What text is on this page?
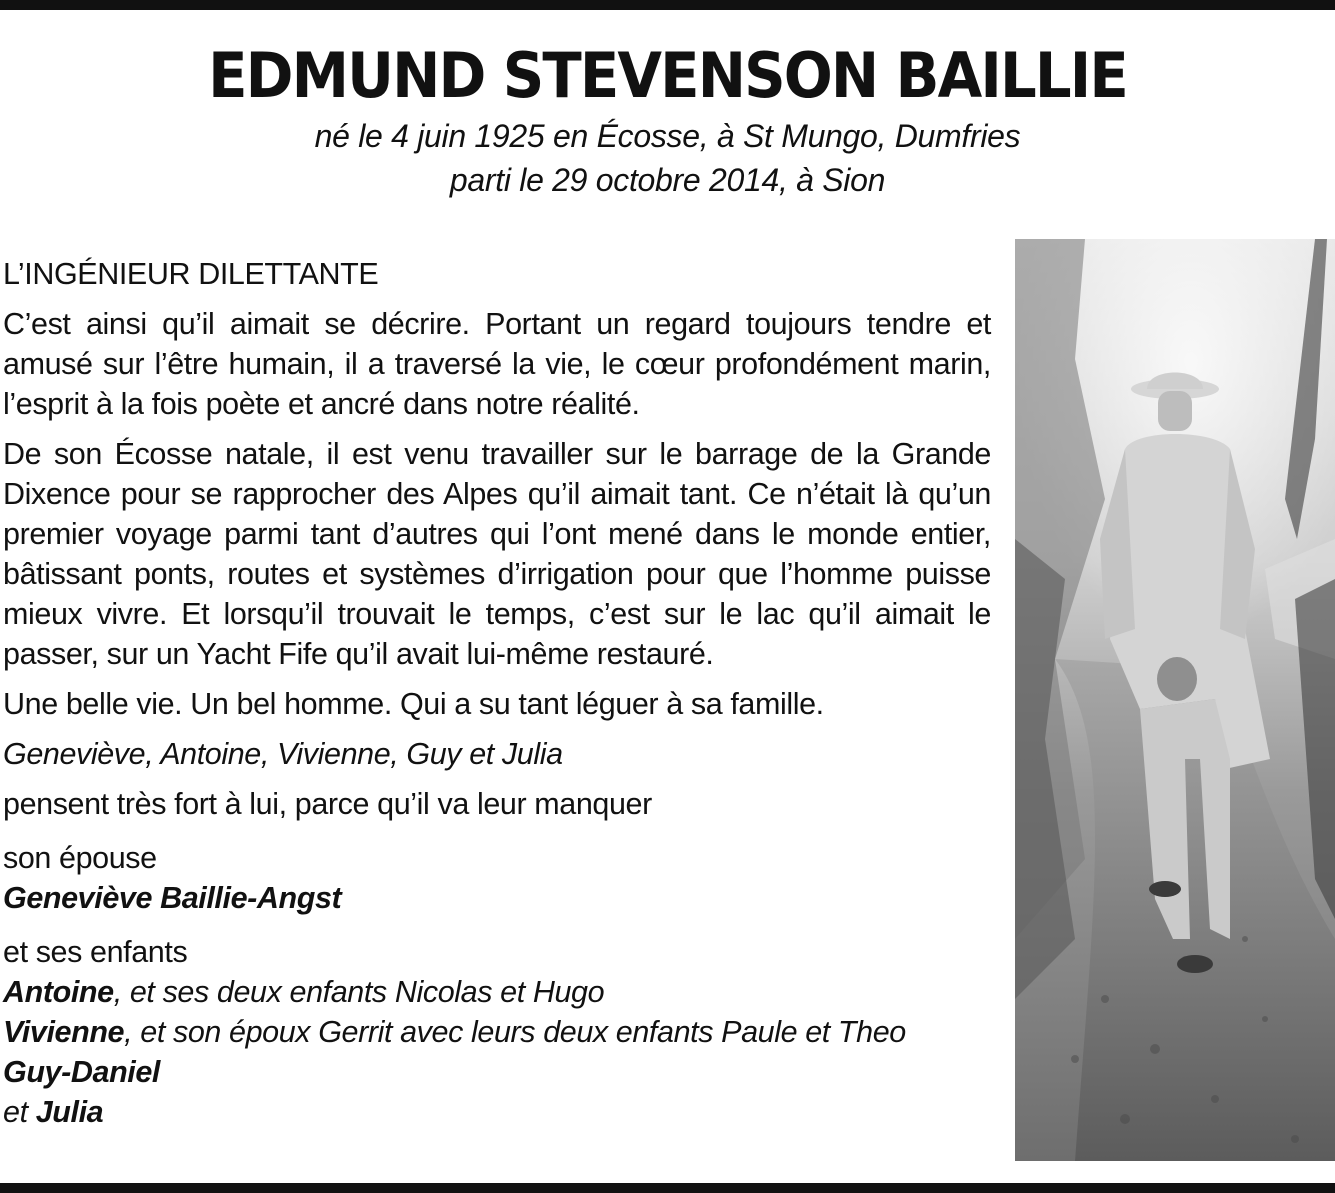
EDMUND STEVENSON BAILLIE
né le 4 juin 1925 en Écosse, à St Mungo, Dumfries
parti le 29 octobre 2014, à Sion

L’INGÉNIEUR DILETTANTE

C’est ainsi qu’il aimait se décrire. Portant un regard toujours tendre et amusé sur l’être humain, il a traversé la vie, le cœur profondément marin, l’esprit à la fois poète et ancré dans notre réalité.

De son Écosse natale, il est venu travailler sur le barrage de la Grande Dixence pour se rapprocher des Alpes qu’il aimait tant. Ce n’était là qu’un premier voyage parmi tant d’autres qui l’ont mené dans le monde entier, bâtissant ponts, routes et systèmes d’irrigation pour que l’homme puisse mieux vivre. Et lorsqu’il trouvait le temps, c’est sur le lac qu’il aimait le passer, sur un Yacht Fife qu’il avait lui-même restauré.

Une belle vie. Un bel homme. Qui a su tant léguer à sa famille.

Geneviève, Antoine, Vivienne, Guy et Julia

pensent très fort à lui, parce qu’il va leur manquer

son épouse
Geneviève Baillie-Angst
et ses enfants
Antoine, et ses deux enfants Nicolas et Hugo
Vivienne, et son époux Gerrit avec leurs deux enfants Paule et Theo
Guy-Daniel
et Julia
